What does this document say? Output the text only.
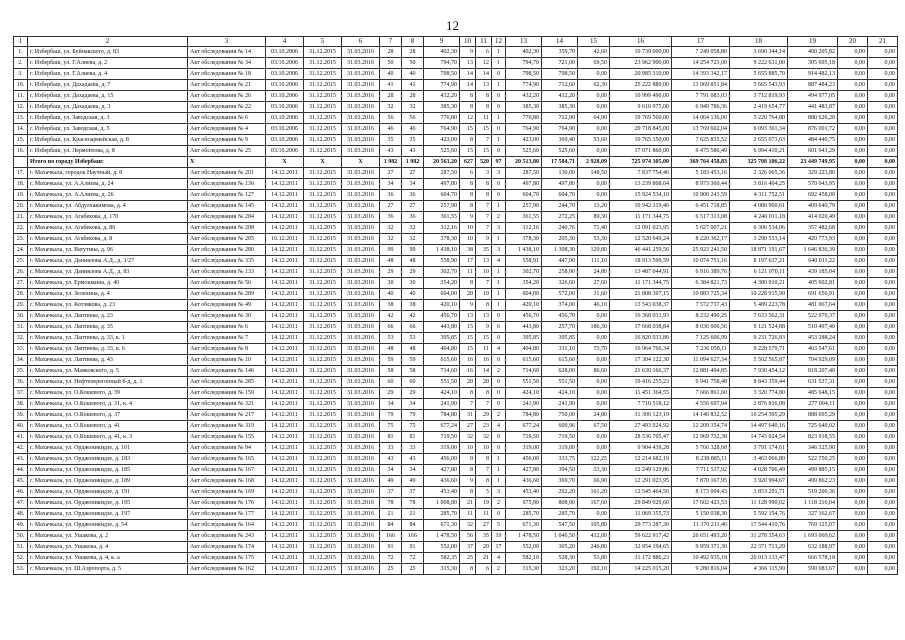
12
1	2	3	4	5	6	7	8	9	10	11	12	13	14	15	16	17	18	19	20	21
1.	г. Избербаш, ул. Буйнакского, д. 83	Акт обследования № 14	03.10.2006	31.12.2015	31.03.2016	28	28	402,30	9	6	1	402,30	359,70	42,60	10 739 000,00	7 249 058,80	3 690 344,14	400 205,82	0,00	0,00
2.	г. Избербаш, ул. Г.Алиева, д. 2	Акт обследования № 34	03.10.2006	31.12.2015	31.03.2016	50	50	794,70	13	12	1	794,70	721,00	69,50	23 962 900,00	14 254 723,00	9 222 631,00	305 695,18	0,00	0,00
3.	г. Избербаш, ул. Г.Алиева, д. 4	Акт обследования № 18	03.10.2006	31.12.2015	31.03.2016	40	40	798,50	14	14	0	798,50	798,50	0,00	20 985 310,00	14 393 342,17	5 655 885,70	914 482,13	0,00	0,00
10.	г. Избербаш, ул. Дахадаева, д. 7	Акт обследования № 21	03.10.2006	31.12.2015	31.03.2016	41	41	774,90	14	13	1	774,90	712,60	62,30	25 222 880,00	13 069 851,84	5 665 543,93	887 484,23	0,00	0,00
11.	г. Избербаш, ул. Дахадаева, д. 15	Акт обследования № 26	03.10.2006	31.12.2015	31.03.2016	28	28	432,20	8	8	0	432,20	432,20	0,00	10 999 490,00	7 791 083,03	3 712 819,93	494 977,05	0,00	0,00
12.	г. Избербаш, ул. Дахадаева, д. 3	Акт обследования № 22	03.10.2006	31.12.2015	31.03.2016	32	32	385,30	8	8	0	385,30	385,30	0,00	9 610 975,00	6 949 786,36	2 419 654,77	441 483,87	0,00	0,00
13.	г. Избербаш, ул. Заводская, д. 3	Акт обследования № 6	03.10.2006	31.12.2015	31.03.2016	56	56	776,80	12	11	1	776,80	712,90	64,90	19 769 560,00	14 064 136,00	5 220 764,80	880 626,20	0,00	0,00
14.	г. Избербаш, ул. Заводская, д. 5	Акт обследования № 4	03.10.2006	31.12.2015	31.03.2016	46	46	764,90	15	15	0	764,90	764,90	0,00	20 718 845,00	13 769 602,04	6 093 361,34	876 001,72	0,00	0,00
15.	г. Избербаш, ул. Красноармейская, д. 8	Акт обследования № 9	03.10.2006	31.12.2015	31.03.2016	35	35	423,00	8	7	1	423,00	369,40	53,60	10 765 350,00	7 625 835,52	2 655 073,63	484 440,75	0,00	0,00
16.	г. Избербаш, ул. Лермонтова, д. 8	Акт обследования № 25	03.10.2006	31.12.2015	31.03.2016	43	43	525,60	15	15	0	525,60	525,60	0,00	17 071 860,00	9 475 586,49	6 994 410,21	601 943,29	0,00	0,00
	Итого по городу Избербаш:	X	X	X	X	1 982	1 982	20 563,20	627	520	97	20 513,80	17 584,71	2 928,09	725 974 305,00	369 764 458,83	325 708 106,22	23 449 749,95	0,00	0,00
17.	г. Махачкала, городок Научный, д. 8	Акт обследования № 201	14.12.2011	31.12.2015	31.03.2016	27	27	287,50	6	3	3	287,50	130,00	148,50	7 837 754,46	5 183 453,16	2 326 065,36	329 223,86	0,00	0,00
18.	г. Махачкала, ул. А.Алиева, д. 24	Акт обследования № 136	14.12.2011	31.12.2015	31.03.2016	34	34	497,80	8	8	0	497,80	497,80	0,00	13 239 808,64	8 973 360,44	3 816 404,25	570 043,95	0,00	0,00
19.	г. Махачкала, ул. А.Алиева, д. 26	Акт обследования № 127	14.12.2011	31.12.2015	31.03.2016	36	36	604,70	8	8	0	604,70	604,70	0,00	15 924 534,10	10 900 243,59	4 311 752,51	692 458,00	0,00	0,00
20.	г. Махачкала, ул. Абдулхакимова, д. 4	Акт обследования № 145	14.12.2011	31.12.2015	31.03.2016	27	27	257,90	8	7	1	257,90	244,70	13,20	10 942 319,46	6 451 718,85	4 080 960,61	409 640,79	0,00	0,00
21.	г. Махачкала, ул. Агабекова, д. 170	Акт обследования № 284	14.12.2011	31.12.2015	31.03.2016	36	36	361,55	9	7	2	361,55	272,25	89,30	11 171 344,75	6 517 313,08	4 240 011,18	414 020,49	0,00	0,00
22.	г. Махачкала, ул. Агабекова, д. 86	Акт обследования № 208	14.12.2011	31.12.2015	31.03.2016	32	32	312,16	10	7	3	312,16	240,76	71,40	12 091 023,95	5 627 007,21	6 306 534,06	357 482,68	0,00	0,00
23.	г. Махачкала, ул. Агабекова, д. 8	Акт обследования № 205	16.12.2011	31.12.2015	31.03.2016	32	32	378,30	10	9	1	378,30	205,30	53,30	12 520 649,24	8 220 362,17	3 290 513,14	420 773,93	0,00	0,00
24.	г. Махачкала, ул. Ватутина, д. 96	Акт обследования № 280	14.12.2011	31.12.2015	31.03.2016	99	99	1 438,10	38	35	3	1 438,10	1 308,30	129,80	46 441 259,56	25 923 241,50	18 871 191,67	1 646 836,39	0,00	0,00
25.	г. Махачкала, ул. Даниялова А.Д., д. 3/27	Акт обследования № 335	14.12.2011	31.12.2015	31.03.2016	48	48	558,90	17	13	4	558,91	447,90	111,10	18 913 599,59	10 074 751,16	8 197 637,21	640 011,22	0,00	0,00
26.	г. Махачкала, ул. Даниялова А.Д., д. 83	Акт обследования № 133	14.12.2011	31.12.2015	31.03.2016	29	29	302,70	11	10	1	302,70	258,90	24,80	13 487 044,91	6 916 389,76	6 121 070,11	439 185,04	0,00	0,00
27.	г. Махачкала, ул. Ермошкина, д. 40	Акт обследования № 56	14.12.2011	31.12.2015	31.03.2016	30	30	354,20	8	7	1	354,20	326,60	27,60	11 171 344,75	6 384 821,73	4 380 910,21	405 602,81	0,00	0,00
28.	г. Махачкала, ул. Зеленина, д. 4	Акт обследования № 289	14.12.2011	31.12.2015	31.03.2016	40	40	604,00	20	19	1	604,00	572,00	31,60	21 808 397,15	10 883 725,34	10 228 915,90	691 656,91	0,00	0,00
29.	г. Махачкала, ул. Котлякова, д. 23	Акт обследования № 49	14.12.2011	31.12.2015	31.03.2016	38	38	420,10	9	8	1	420,10	374,00	46,10	13 543 038,37	7 572 737,43	5 489 223,78	481 067,64	0,00	0,00
30.	г. Махачкала, ул. Лаптиева, д. 23	Акт обследования № 30	14.12.2011	31.12.2015	31.03.2016	42	42	456,70	13	13	0	456,70	456,70	0,00	16 368 031,93	8 232 490,25	7 633 562,31	522 979,37	0,00	0,00
31.	г. Махачкала, ул. Лаптиева, д. 35	Акт обследования № 6	14.12.2011	31.12.2015	31.03.2016	66	66	443,80	15	9	6	443,80	257,70	186,30	17 668 038,84	8 036 006,56	9 121 524,88	510 497,40	0,00	0,00
32.	г. Махачкала, ул. Лаптиева, д. 33, к. 1	Акт обследования № 7	14.12.2011	31.12.2015	31.03.2016	53	53	395,85	15	15	0	395,85	395,85	0,00	16 820 033,86	7 125 606,99	9 231 726,83	453 288,24	0,00	0,00
33.	г. Махачкала, ул. Лаптиева, д. 33, к. 6	Акт обследования № 8	14.12.2011	31.12.2015	31.03.2016	48	48	404,80	15	11	4	404,80	331,10	73,70	16 964 766,34	7 236 058,11	9 228 579,71	463 547,61	0,00	0,00
34.	г. Махачкала, ул. Лаптиева, д. 43	Акт обследования № 10	14.12.2011	31.12.2015	31.03.2016	59	59	615,60	16	16	0	615,60	615,60	0,00	17 304 122,30	11 094 627,34	5 502 565,87	704 929,09	0,00	0,00
35.	г. Махачкала, ул. Маяковского, д. 5	Акт обследования № 146	14.12.2011	31.12.2015	31.03.2016	58	58	714,60	16	14	2	714,60	628,00	86,60	21 630 166,37	12 881 494,85	7 930 454,12	818 207,40	0,00	0,00
36.	г. Махачкала, ул. Нефтеперегонный б-д, д. 1	Акт обследования № 285	14.12.2011	31.12.2015	31.03.2016	60	60	551,50	20	20	0	551,50	551,50	0,00	19 416 255,23	9 941 758,48	8 843 359,44	631 537,31	0,00	0,00
37.	г. Махачкала, ул. О.Кошевого, д. 39	Акт обследования № 150	14.12.2011	31.12.2015	31.03.2016	29	29	424,10	8	8	0	424,10	424,10	0,00	11 451 364,55	7 666 861,60	3 320 774,80	485 648,15	0,00	0,00
38.	г. Махачкала, ул. О.Кошевого, д. 31, к. 4	Акт обследования № 321	14.12.2011	31.12.2015	31.03.2016	34	34	241,90	7	7	0	241,90	241,90	0,00	7 710 518,12	4 556 697,94	2 876 816,08	277 004,11	0,00	0,00
39.	г. Махачкала, ул. О.Кошевого, д. 37	Акт обследования № 217	14.12.2011	31.12.2015	31.03.2016	79	79	784,80	31	29	2	784,80	750,00	24,80	31 306 123,19	14 146 832,52	16 254 395,29	888 695,29	0,00	0,00
40.	г. Махачкала, ул. О.Кошевого, д. 41	Акт обследования № 319	14.12.2011	31.12.2015	31.03.2016	75	75	677,24	27	23	4	677,24	609,96	67,50	27 493 024,92	12 209 354,74	14 497 640,16	725 640,02	0,00	0,00
41.	г. Махачкала, ул. О.Кошевого, д. 41, к. 3	Акт обследования № 155	14.12.2011	31.12.2015	31.03.2016	81	81	719,50	32	32	0	719,50	719,50	0,00	28 536 705,47	12 969 732,38	14 743 024,54	823 918,55	0,00	0,00
42.	г. Махачкала, ул. Орджоникидзе, д. 101	Акт обследования № 94	14.12.2011	31.12.2015	31.03.2016	33	33	319,00	10	10	0	319,00	319,00	0,00	9 904 439,28	5 766 328,68	3 791 174,61	346 325,90	0,00	0,00
43.	г. Махачкала, ул. Орджоникидзе, д. 183	Акт обследования № 165	14.12.2011	31.12.2015	31.03.2016	43	43	456,00	9	8	1	456,00	333,75	122,25	12 214 682,19	8 238 885,11	3 463 066,80	522 750,25	0,00	0,00
44.	г. Махачкала, ул. Орджоникидзе, д. 185	Акт обследования № 167	14.12.2011	31.12.2015	31.03.2016	34	34	427,80	8	7	1	427,80	394,50	33,30	12 249 129,86	7 711 537,92	4 028 706,49	499 885,15	0,00	0,00
45.	г. Махачкала, ул. Орджоникидзе, д. 189	Акт обследования № 168	14.12.2011	31.12.2015	31.03.2016	49	49	436,60	9	8	1	436,60	369,70	66,90	12 291 023,95	7 870 167,95	3 920 994,67	499 862,23	0,00	0,00
46.	г. Махачкала, ул. Орджоникидзе, д. 191	Акт обследования № 169	14.12.2011	31.12.2015	31.03.2016	37	37	453,40	8	5	3	453,40	292,20	161,20	12 545 464,50	8 173 004,43	3 853 291,71	519 200,36	0,00	0,00
47.	г. Махачкала, ул. Орджоникидзе, д. 195	Акт обследования № 176	14.12.2011	31.12.2015	31.03.2016	78	78	1 008,80	21	19	2	975,90	808,90	167,60	29 849 029,60	17 602 423,53	11 128 990,02	1 118 216,04	0,00	0,00
48.	г. Махачкала, ул. Орджоникидзе, д. 197	Акт обследования № 177	14.12.2011	31.12.2015	31.03.2016	21	21	285,70	11	11	0	285,70	285,70	0,00	11 069 355,73	5 150 038,30	5 592 154,76	327 162,67	0,00	0,00
49.	г. Махачкала, ул. Орджоникидзе, д. 54	Акт обследования № 164	14.12.2011	31.12.2015	31.03.2016	84	84	671,30	32	27	5	671,30	547,50	105,80	29 773 287,30	11 370 211,46	17 544 410,76	769 125,07	0,00	0,00
50.	г. Махачкала, ул. Ушакова, д. 2	Акт обследования № 243	14.12.2011	31.12.2015	31.03.2016	166	166	1 478,50	56	35	19	1 478,50	1 046,50	432,00	59 622 917,42	26 651 493,20	31 278 354,63	1 693 069,62	0,00	0,00
51.	г. Махачкала, ул. Ушакова, д. 4	Акт обследования № 174	14.12.2011	31.12.2015	31.03.2016	91	91	552,00	37	20	17	552,00	305,20	246,80	32 954 194,65	9 959 371,30	22 371 713,29	632 188,97	0,00	0,00
52.	г. Махачкала, ул. Ушакова, д. 4, к. а	Акт обследования № 175	14.12.2011	31.12.2015	31.03.2016	72	72	582,35	25	21	4	582,10	528,30	53,80	31 172 886,23	10 492 935,18	20 013 133,47	666 578,18	0,00	0,00
53.	г. Махачкала, ул. Ш.Аэропорта, д. 5	Акт обследования № 162	14.12.2011	31.12.2015	31.03.2016	25	25	315,30	8	6	2	315,30	323,20	192,10	14 225 015,20	9 280 816,04	4 366 115,99	590 083,67	0,00	0,00
